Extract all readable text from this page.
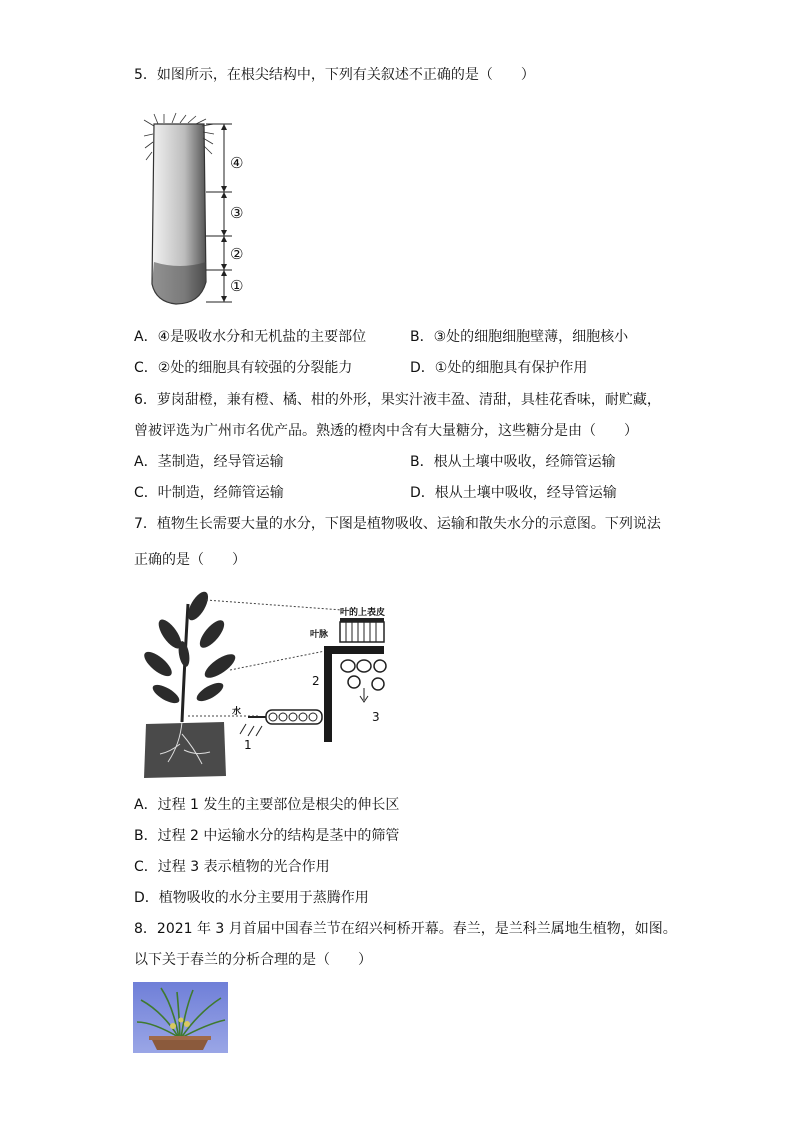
5．如图所示，在根尖结构中，下列有关叙述不正确的是（　　）
④
③
②
①
A．④是吸收水分和无机盐的主要部位	B．③处的细胞细胞壁薄，细胞核小
C．②处的细胞具有较强的分裂能力	D．①处的细胞具有保护作用
6．萝岗甜橙，兼有橙、橘、柑的外形，果实汁液丰盈、清甜，具桂花香味，耐贮藏，
曾被评选为广州市名优产品。熟透的橙肉中含有大量糖分，这些糖分是由（　　）
A．茎制造，经导管运输	B．根从土壤中吸收，经筛管运输
C．叶制造，经筛管运输	D．根从土壤中吸收，经导管运输
7．植物生长需要大量的水分，下图是植物吸收、运输和散失水分的示意图。下列说法
正确的是（　　）
叶的上表皮
叶脉
水
2
1
3
A．过程 1 发生的主要部位是根尖的伸长区
B．过程 2 中运输水分的结构是茎中的筛管
C．过程 3 表示植物的光合作用
D．植物吸收的水分主要用于蒸腾作用
8．2021 年 3 月首届中国春兰节在绍兴柯桥开幕。春兰，是兰科兰属地生植物，如图。
以下关于春兰的分析合理的是（　　）
